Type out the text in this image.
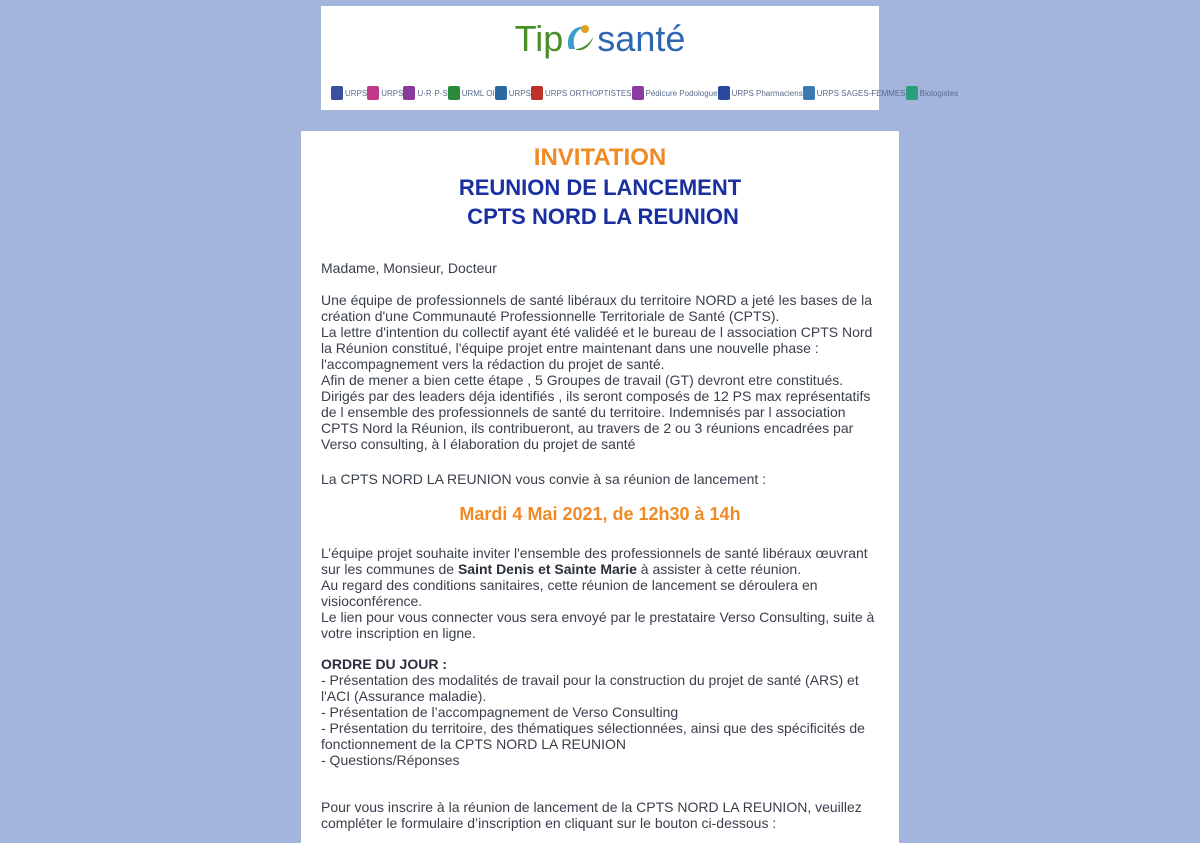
Tip santé
URPS URPS U·R·P·S URML OI URPS URPS ORTHOPTISTES Pédicure Podologue URPS Pharmaciens URPS SAGES-FEMMES Biologistes
INVITATION
REUNION DE LANCEMENT
CPTS NORD LA REUNION
Madame, Monsieur, Docteur

Une équipe de professionnels de santé libéraux du territoire NORD a jeté les bases de la création d'une Communauté Professionnelle Territoriale de Santé (CPTS).

La lettre d'intention du collectif ayant été validéé et le bureau de l association CPTS Nord la Réunion constitué, l'équipe projet entre maintenant dans une nouvelle phase : l'accompagnement vers la rédaction du projet de santé.

Afin de mener a bien cette étape , 5 Groupes de travail (GT) devront etre constitués. Dirigés par des leaders déja identifiés , ils seront composés de 12 PS max représentatifs de l ensemble des professionnels de santé du territoire. Indemnisés par l association CPTS Nord la Réunion, ils contribueront, au travers de 2 ou 3 réunions encadrées par Verso consulting, à l élaboration du projet de santé

La CPTS NORD LA REUNION vous convie à sa réunion de lancement :
Mardi 4 Mai 2021, de 12h30 à 14h

L’équipe projet souhaite inviter l'ensemble des professionnels de santé libéraux œuvrant sur les communes de Saint Denis et Sainte Marie à assister à cette réunion.

Au regard des conditions sanitaires, cette réunion de lancement se déroulera en visioconférence.

Le lien pour vous connecter vous sera envoyé par le prestataire Verso Consulting, suite à votre inscription en ligne.

ORDRE DU JOUR :

- Présentation des modalités de travail pour la construction du projet de santé (ARS) et l'ACI (Assurance maladie).

- Présentation de l’accompagnement de Verso Consulting

- Présentation du territoire, des thématiques sélectionnées, ainsi que des spécificités de fonctionnement de la CPTS NORD LA REUNION

- Questions/Réponses

Pour vous inscrire à la réunion de lancement de la CPTS NORD LA REUNION, veuillez compléter le formulaire d’inscription en cliquant sur le bouton ci-dessous :
